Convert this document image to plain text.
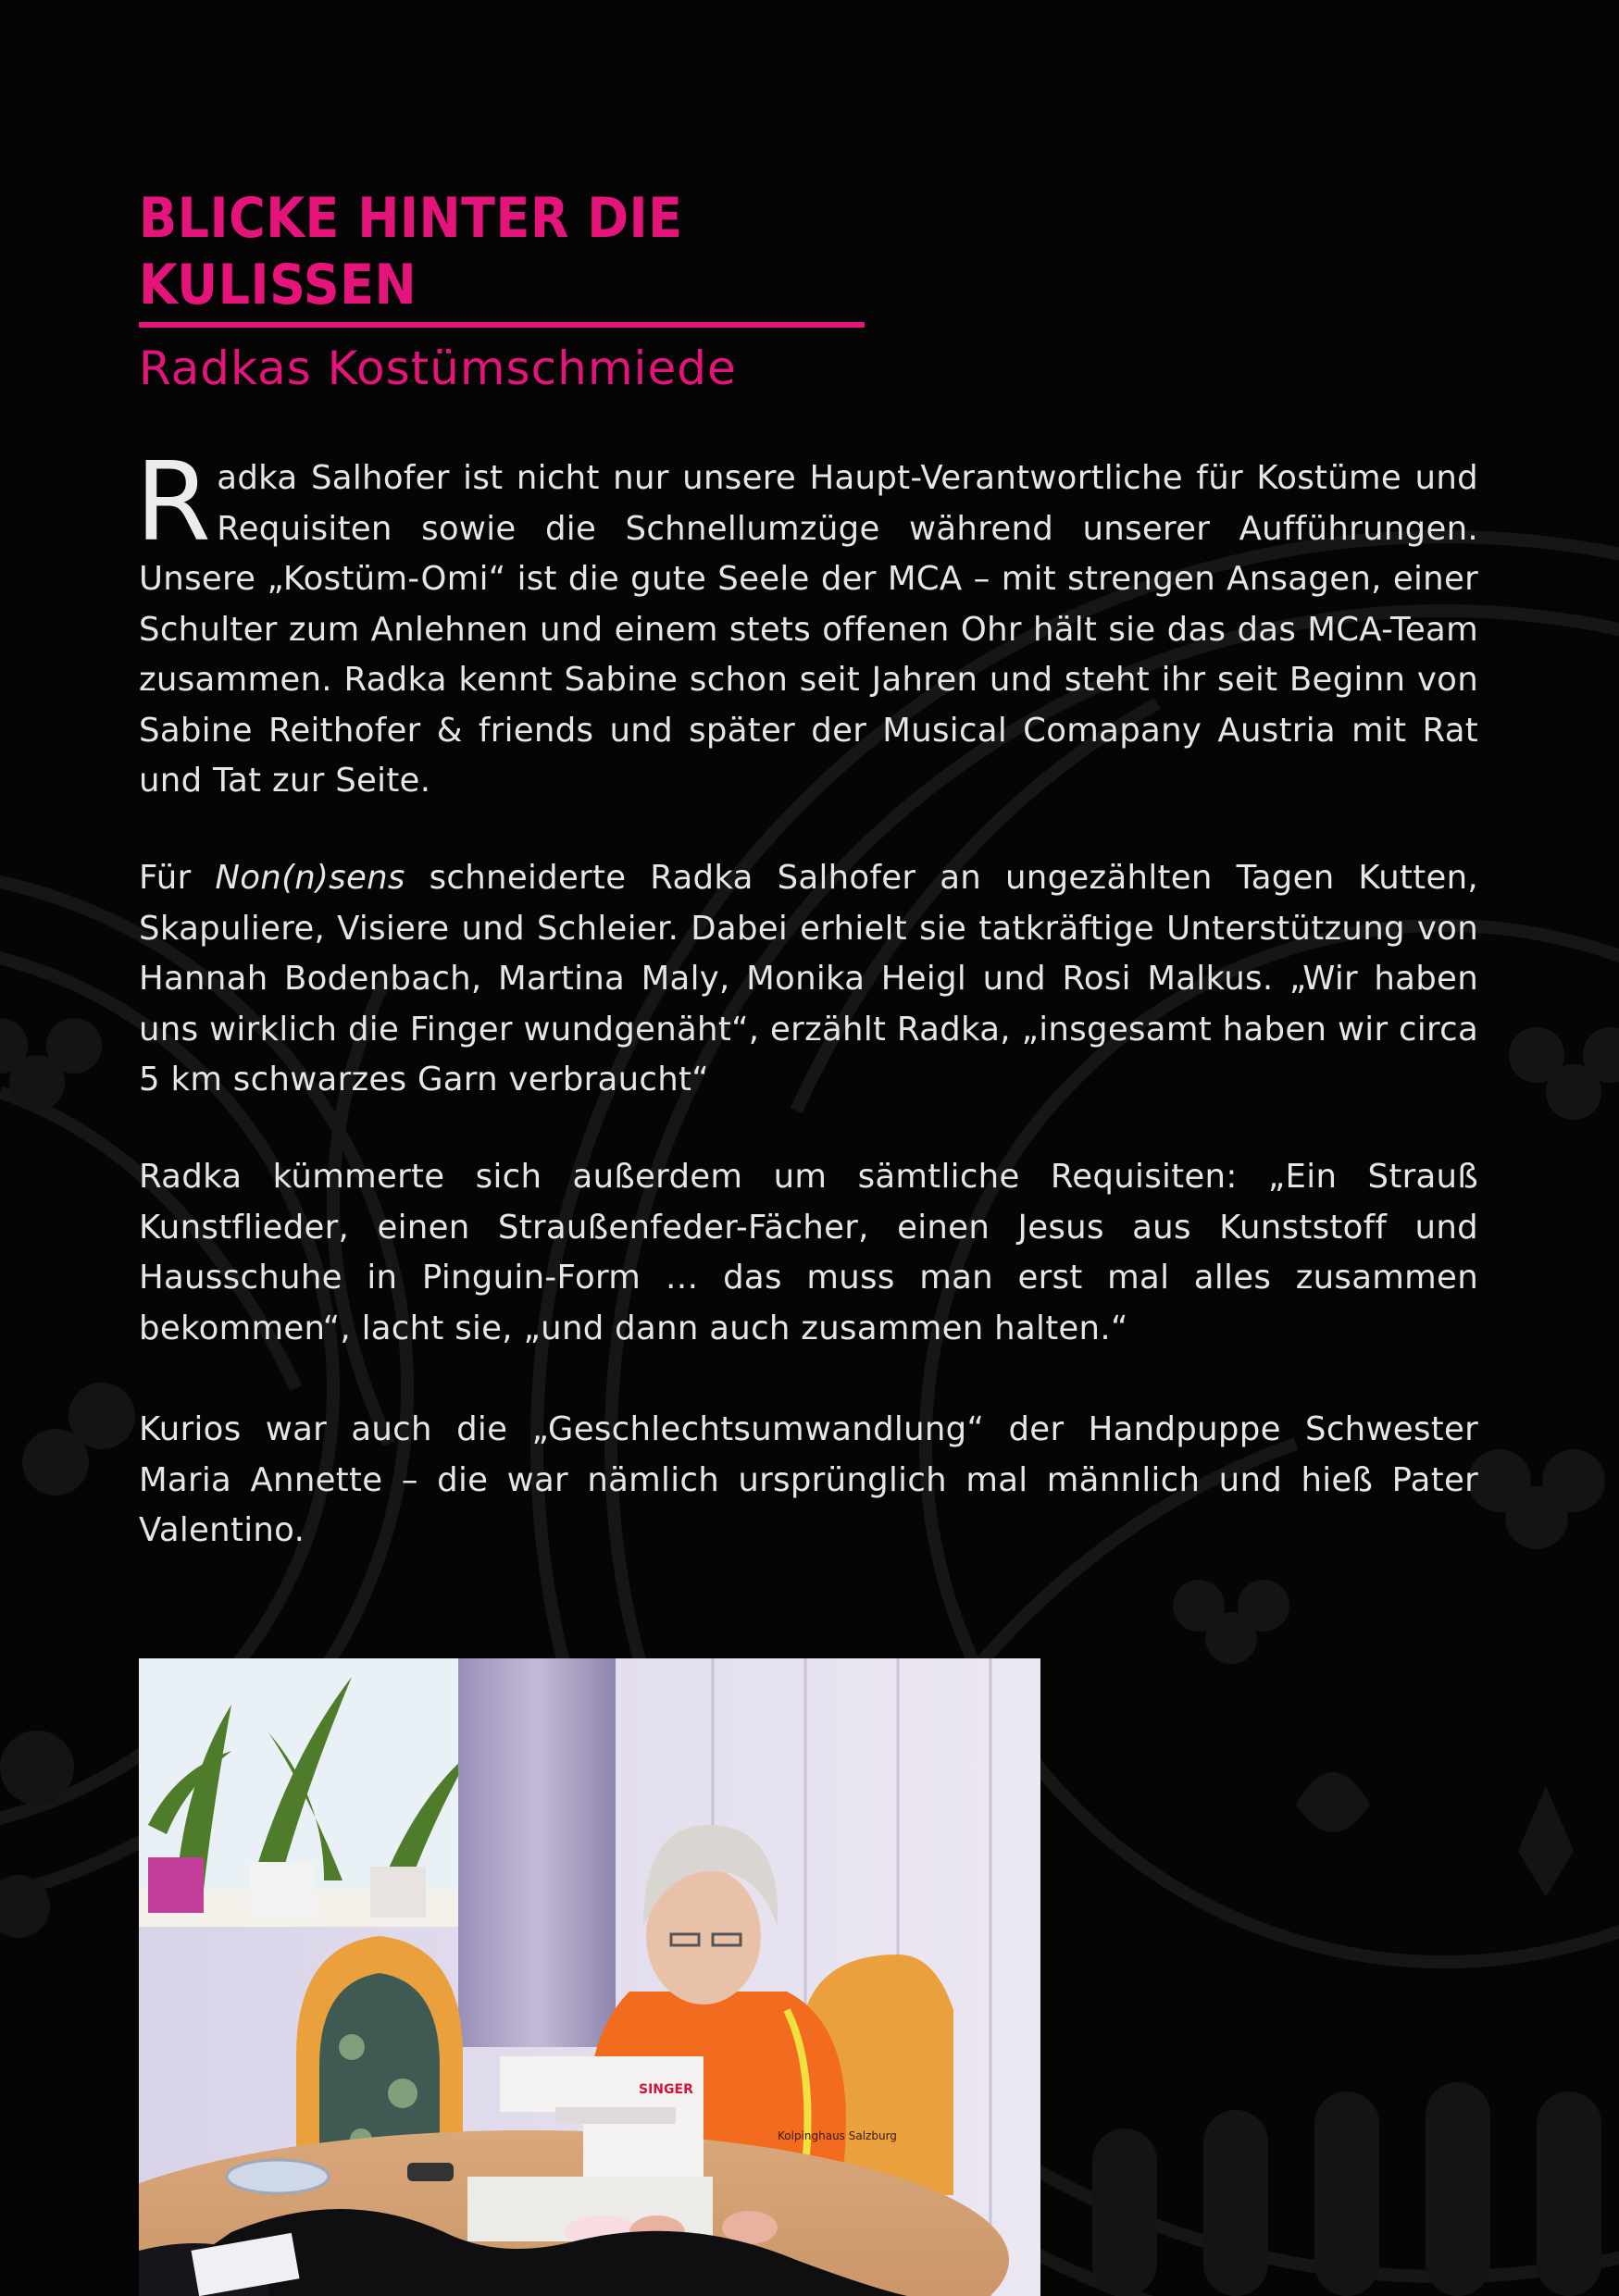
BLICKE HINTER DIE KULISSEN
Radkas Kostümschmiede

Radka Salhofer ist nicht nur unsere Haupt-Verantwortliche für Kostüme und Requisiten sowie die Schnellumzüge während unserer Aufführungen. Unsere „Kostüm-Omi“ ist die gute Seele der MCA – mit strengen Ansagen, einer Schulter zum Anlehnen und einem stets offenen Ohr hält sie das das MCA-Team zusammen. Radka kennt Sabine schon seit Jahren und steht ihr seit Beginn von Sabine Reithofer & friends und später der Musical Comapany Austria mit Rat und Tat zur Seite.

Für Non(n)sens schneiderte Radka Salhofer an ungezählten Tagen Kutten, Skapuliere, Visiere und Schleier. Dabei erhielt sie tatkräftige Unterstützung von Hannah Bodenbach, Martina Maly, Monika Heigl und Rosi Malkus. „Wir haben uns wirklich die Finger wundgenäht“, erzählt Radka, „insgesamt haben wir circa 5 km schwarzes Garn verbraucht“

Radka kümmerte sich außerdem um sämtliche Requisiten: „Ein Strauß Kunstflieder, einen Straußenfeder-Fächer, einen Jesus aus Kunststoff und Hausschuhe in Pinguin-Form … das muss man erst mal alles zusammen bekommen“, lacht sie, „und dann auch zusammen halten.“

Kurios war auch die „Geschlechtsumwandlung“ der Handpuppe Schwester Maria Annette – die war nämlich ursprünglich mal männlich und hieß Pater Valentino.

SINGER
Kolpinghaus Salzburg
